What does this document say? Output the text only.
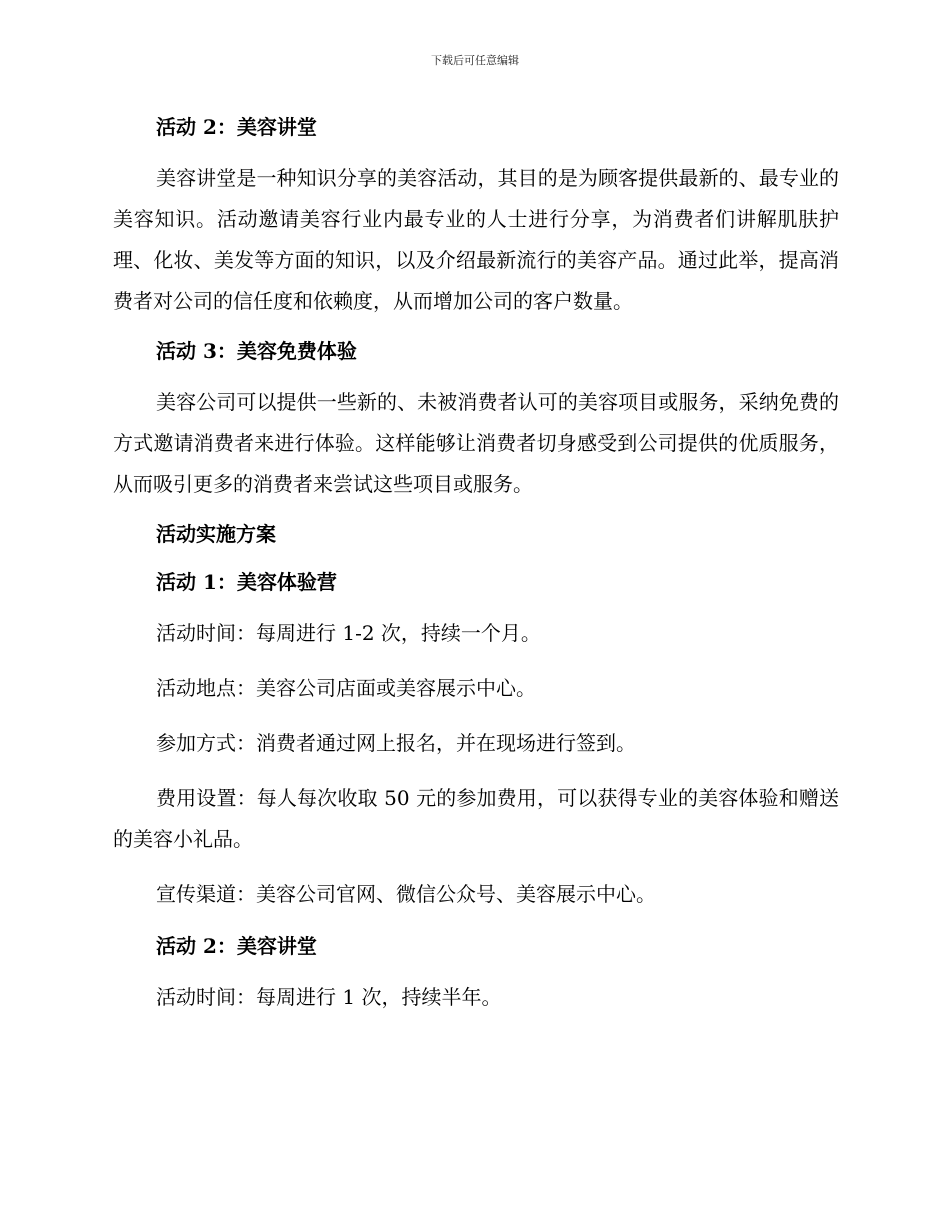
下载后可任意编辑

活动 2：美容讲堂

美容讲堂是一种知识分享的美容活动，其目的是为顾客提供最新的、最专业的美容知识。活动邀请美容行业内最专业的人士进行分享，为消费者们讲解肌肤护理、化妆、美发等方面的知识，以及介绍最新流行的美容产品。通过此举，提高消费者对公司的信任度和依赖度，从而增加公司的客户数量。

活动 3：美容免费体验

美容公司可以提供一些新的、未被消费者认可的美容项目或服务，采纳免费的方式邀请消费者来进行体验。这样能够让消费者切身感受到公司提供的优质服务，从而吸引更多的消费者来尝试这些项目或服务。

活动实施方案

活动 1：美容体验营

活动时间：每周进行 1-2 次，持续一个月。

活动地点：美容公司店面或美容展示中心。

参加方式：消费者通过网上报名，并在现场进行签到。

费用设置：每人每次收取 50 元的参加费用，可以获得专业的美容体验和赠送的美容小礼品。

宣传渠道：美容公司官网、微信公众号、美容展示中心。

活动 2：美容讲堂

活动时间：每周进行 1 次，持续半年。
